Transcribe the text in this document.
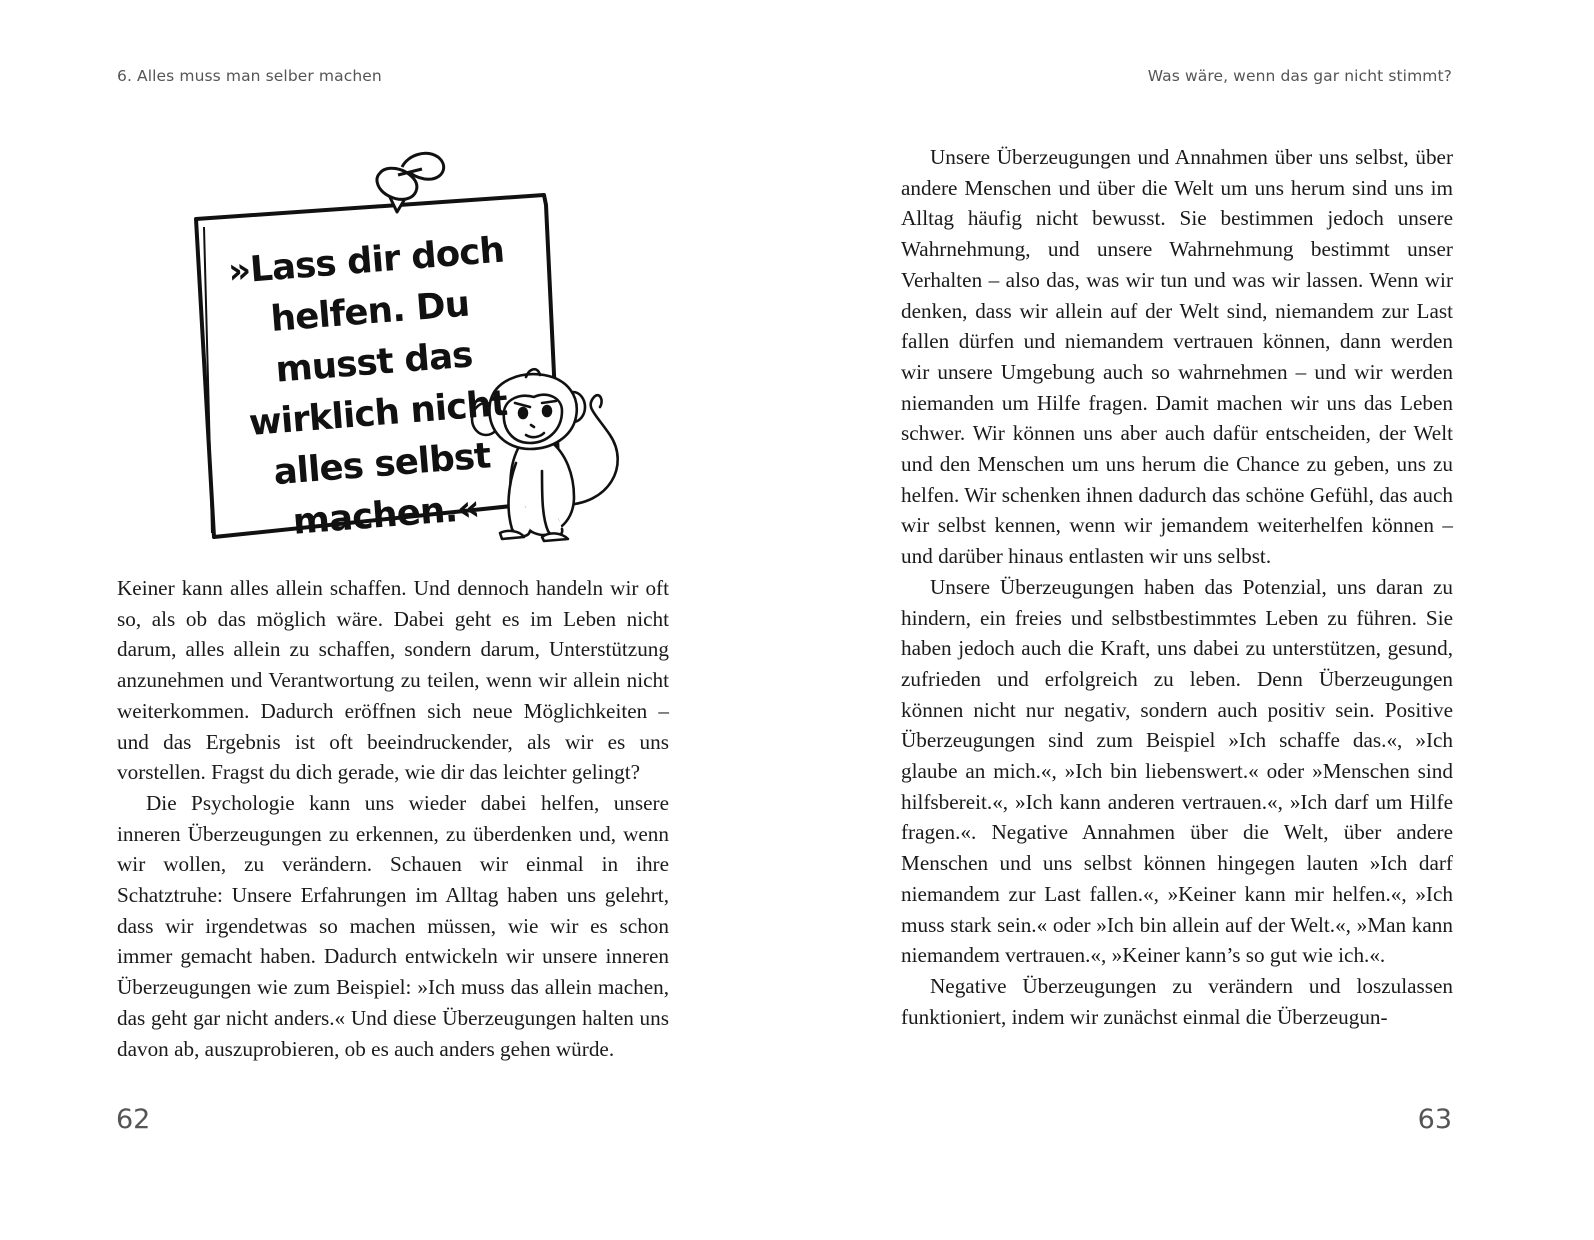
6. Alles muss man selber machen
»Lass dir doch helfen. Du musst das wirklich nicht alles selbst machen.«

Keiner kann alles allein schaffen. Und dennoch handeln wir oft so, als ob das möglich wäre. Dabei geht es im Leben nicht darum, alles allein zu schaffen, sondern darum, Unterstützung anzunehmen und Verantwortung zu teilen, wenn wir allein nicht weiterkommen. Dadurch eröffnen sich neue Möglichkeiten – und das Ergebnis ist oft beeindruckender, als wir es uns vorstellen. Fragst du dich gerade, wie dir das leichter gelingt?

Die Psychologie kann uns wieder dabei helfen, unsere inneren Überzeugungen zu erkennen, zu überdenken und, wenn wir wollen, zu verändern. Schauen wir einmal in ihre Schatztruhe: Unsere Erfahrungen im Alltag haben uns gelehrt, dass wir irgendetwas so machen müssen, wie wir es schon immer gemacht haben. Dadurch entwickeln wir unsere inneren Überzeugungen wie zum Beispiel: »Ich muss das allein machen, das geht gar nicht anders.« Und diese Überzeugungen halten uns davon ab, auszuprobieren, ob es auch anders gehen würde.

62
Was wäre, wenn das gar nicht stimmt?

Unsere Überzeugungen und Annahmen über uns selbst, über andere Menschen und über die Welt um uns herum sind uns im Alltag häufig nicht bewusst. Sie bestimmen jedoch unsere Wahrnehmung, und unsere Wahrnehmung bestimmt unser Verhalten – also das, was wir tun und was wir lassen. Wenn wir denken, dass wir allein auf der Welt sind, niemandem zur Last fallen dürfen und niemandem vertrauen können, dann werden wir unsere Umgebung auch so wahrnehmen – und wir werden niemanden um Hilfe fragen. Damit machen wir uns das Leben schwer. Wir können uns aber auch dafür entscheiden, der Welt und den Menschen um uns herum die Chance zu geben, uns zu helfen. Wir schenken ihnen dadurch das schöne Gefühl, das auch wir selbst kennen, wenn wir jemandem weiterhelfen können – und darüber hinaus entlasten wir uns selbst.

Unsere Überzeugungen haben das Potenzial, uns daran zu hindern, ein freies und selbstbestimmtes Leben zu führen. Sie haben jedoch auch die Kraft, uns dabei zu unterstützen, gesund, zufrieden und erfolgreich zu leben. Denn Überzeugungen können nicht nur negativ, sondern auch positiv sein. Positive Überzeugungen sind zum Beispiel »Ich schaffe das.«, »Ich glaube an mich.«, »Ich bin liebenswert.« oder »Menschen sind hilfsbereit.«, »Ich kann anderen vertrauen.«, »Ich darf um Hilfe fragen.«. Negative Annahmen über die Welt, über andere Menschen und uns selbst können hingegen lauten »Ich darf niemandem zur Last fallen.«, »Keiner kann mir helfen.«, »Ich muss stark sein.« oder »Ich bin allein auf der Welt.«, »Man kann niemandem vertrauen.«, »Keiner kann’s so gut wie ich.«.

Negative Überzeugungen zu verändern und loszulassen funktioniert, indem wir zunächst einmal die Überzeugun-

63
